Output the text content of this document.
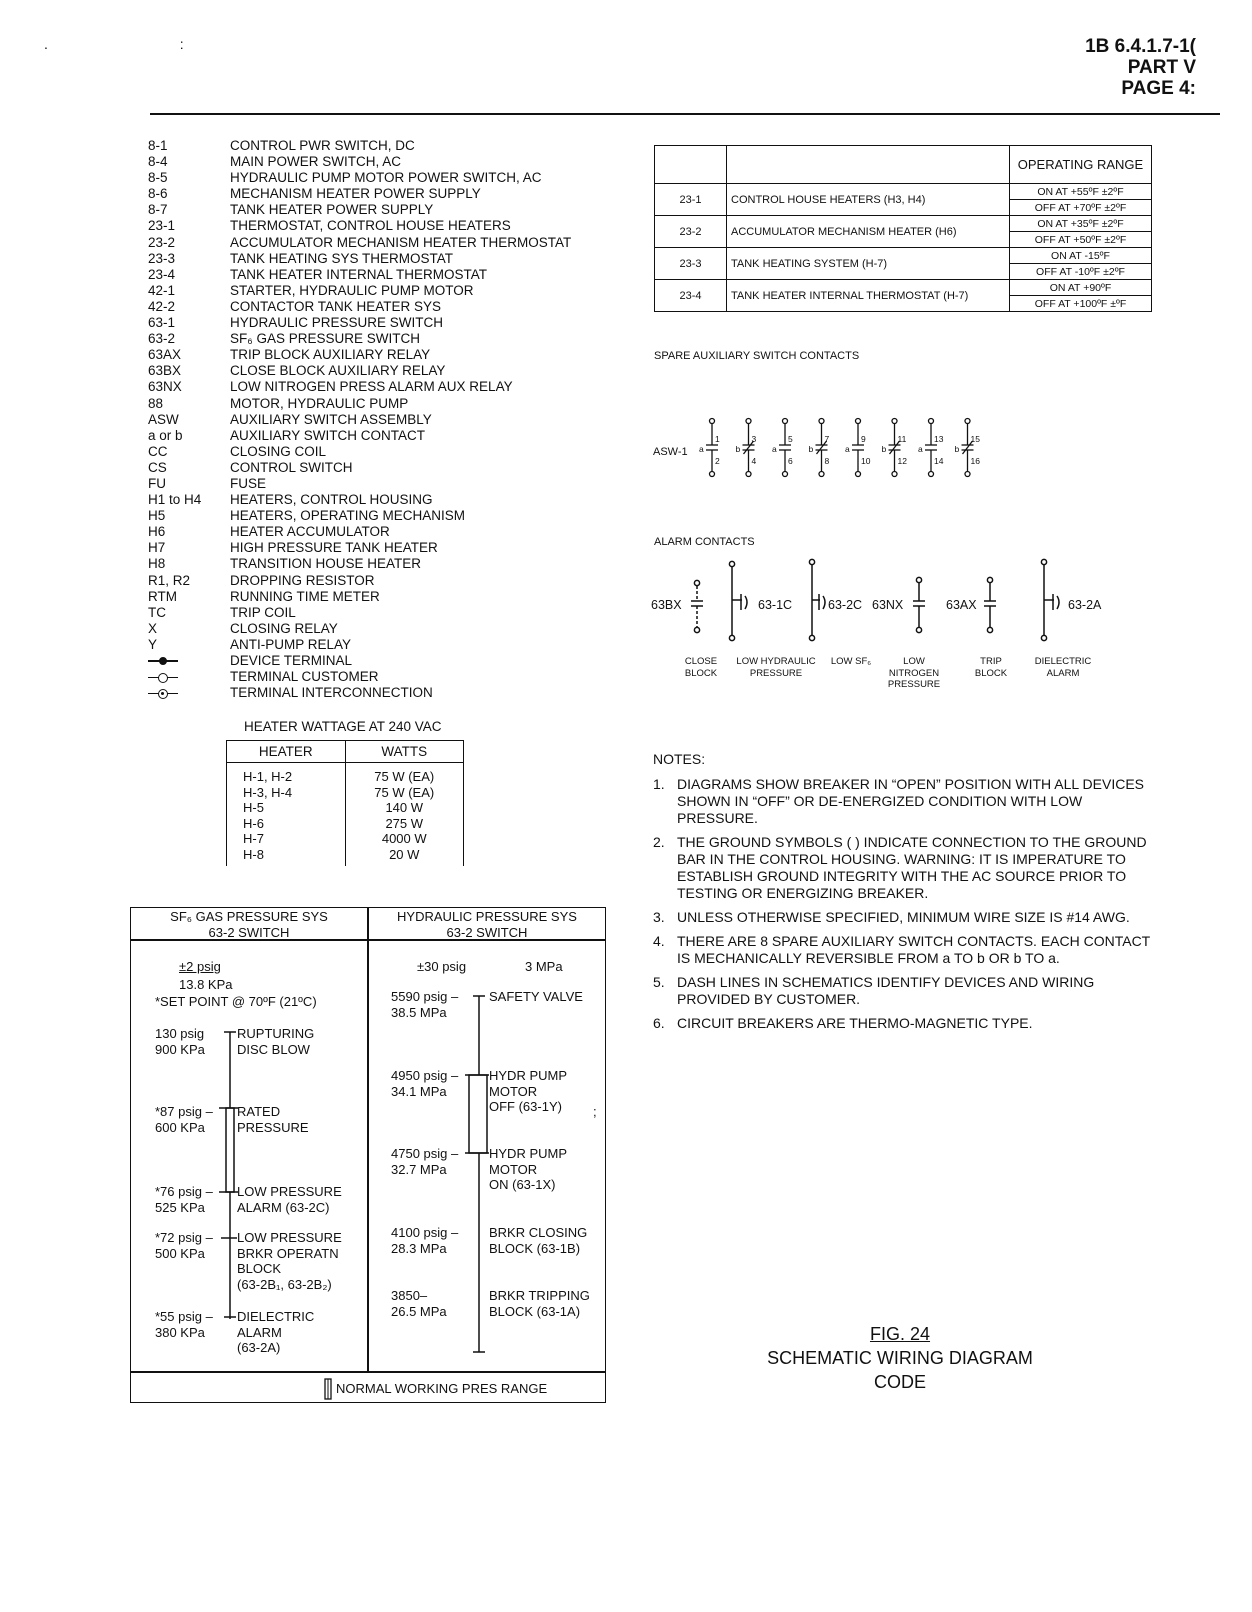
. :	1B 6.4.1.7-1(
PART V
PAGE 4:
8-1	CONTROL PWR SWITCH, DC
8-4	MAIN POWER SWITCH, AC
8-5	HYDRAULIC PUMP MOTOR POWER SWITCH, AC
8-6	MECHANISM HEATER POWER SUPPLY
8-7	TANK HEATER POWER SUPPLY
23-1	THERMOSTAT, CONTROL HOUSE HEATERS
23-2	ACCUMULATOR MECHANISM HEATER THERMOSTAT
23-3	TANK HEATING SYS THERMOSTAT
23-4	TANK HEATER INTERNAL THERMOSTAT
42-1	STARTER, HYDRAULIC PUMP MOTOR
42-2	CONTACTOR TANK HEATER SYS
63-1	HYDRAULIC PRESSURE SWITCH
63-2	SF₆ GAS PRESSURE SWITCH
63AX	TRIP BLOCK AUXILIARY RELAY
63BX	CLOSE BLOCK AUXILIARY RELAY
63NX	LOW NITROGEN PRESS ALARM AUX RELAY
88	MOTOR, HYDRAULIC PUMP
ASW	AUXILIARY SWITCH ASSEMBLY
a or b	AUXILIARY SWITCH CONTACT
CC	CLOSING COIL
CS	CONTROL SWITCH
FU	FUSE
H1 to H4	HEATERS, CONTROL HOUSING
H5	HEATERS, OPERATING MECHANISM
H6	HEATER ACCUMULATOR
H7	HIGH PRESSURE TANK HEATER
H8	TRANSITION HOUSE HEATER
R1, R2	DROPPING RESISTOR
RTM	RUNNING TIME METER
TC	TRIP COIL
X	CLOSING RELAY
Y	ANTI-PUMP RELAY
DEVICE TERMINAL
TERMINAL CUSTOMER
TERMINAL INTERCONNECTION
HEATER WATTAGE AT 240 VAC
HEATER	WATTS
H-1, H-2	75 W (EA)
H-3, H-4	75 W (EA)
H-5	140 W
H-6	275 W
H-7	4000 W
H-8	20 W
SF₆ GAS PRESSURE SYS
63-2 SWITCH
HYDRAULIC PRESSURE SYS
63-2 SWITCH
±2 psig
13.8 KPa
*SET POINT @ 70ºF (21ºC)
130 psig
900 KPa
RUPTURING
DISC BLOW
*87 psig –
600 KPa
RATED
PRESSURE
*76 psig –
525 KPa
LOW PRESSURE
ALARM (63-2C)
*72 psig –
500 KPa
LOW PRESSURE
BRKR OPERATN
BLOCK
(63-2B₁, 63-2B₂)
*55 psig –
380 KPa
DIELECTRIC
ALARM
(63-2A)
±30 psig	3 MPa
5590 psig –
38.5 MPa
SAFETY VALVE
4950 psig –
34.1 MPa
HYDR PUMP
MOTOR
OFF (63-1Y)
4750 psig –
32.7 MPa
HYDR PUMP
MOTOR
ON (63-1X)
4100 psig –
28.3 MPa
BRKR CLOSING
BLOCK (63-1B)
3850–
26.5 MPa
BRKR TRIPPING
BLOCK (63-1A)
;
NORMAL WORKING PRES RANGE
		OPERATING RANGE
23-1	CONTROL HOUSE HEATERS (H3, H4)	ON AT +55ºF ±2ºF
		OFF AT +70ºF ±2ºF
23-2	ACCUMULATOR MECHANISM HEATER (H6)	ON AT +35ºF ±2ºF
		OFF AT +50ºF ±2ºF
23-3	TANK HEATING SYSTEM (H-7)	ON AT -15ºF
		OFF AT -10ºF ±2ºF
23-4	TANK HEATER INTERNAL THERMOSTAT (H-7)	ON AT +90ºF
		OFF AT +100ºF ±ºF
SPARE AUXILIARY SWITCH CONTACTS
ASW-1
1
2
a
3
4
b
5
6
a
7
8
b
9
10
a
11
12
b
13
14
a
15
16
b
ALARM CONTACTS
63BX	63-1C	63-2C 63NX	63AX	63-2A
CLOSE
BLOCK
LOW HYDRAULIC
PRESSURE
LOW SF₆	LOW
NITROGEN
PRESSURE
TRIP
BLOCK
DIELECTRIC
ALARM
NOTES:
1. DIAGRAMS SHOW BREAKER IN “OPEN” POSITION WITH ALL DEVICES SHOWN IN “OFF” OR DE-ENERGIZED CONDITION WITH LOW PRESSURE.
2. THE GROUND SYMBOLS ( ) INDICATE CONNECTION TO THE GROUND BAR IN THE CONTROL HOUSING. WARNING: IT IS IMPERATURE TO ESTABLISH GROUND INTEGRITY WITH THE AC SOURCE PRIOR TO TESTING OR ENERGIZING BREAKER.
3. UNLESS OTHERWISE SPECIFIED, MINIMUM WIRE SIZE IS #14 AWG.
4. THERE ARE 8 SPARE AUXILIARY SWITCH CONTACTS. EACH CONTACT IS MECHANICALLY REVERSIBLE FROM a TO b OR b TO a.
5. DASH LINES IN SCHEMATICS IDENTIFY DEVICES AND WIRING PROVIDED BY CUSTOMER.
6. CIRCUIT BREAKERS ARE THERMO-MAGNETIC TYPE.
FIG. 24
SCHEMATIC WIRING DIAGRAM
CODE
